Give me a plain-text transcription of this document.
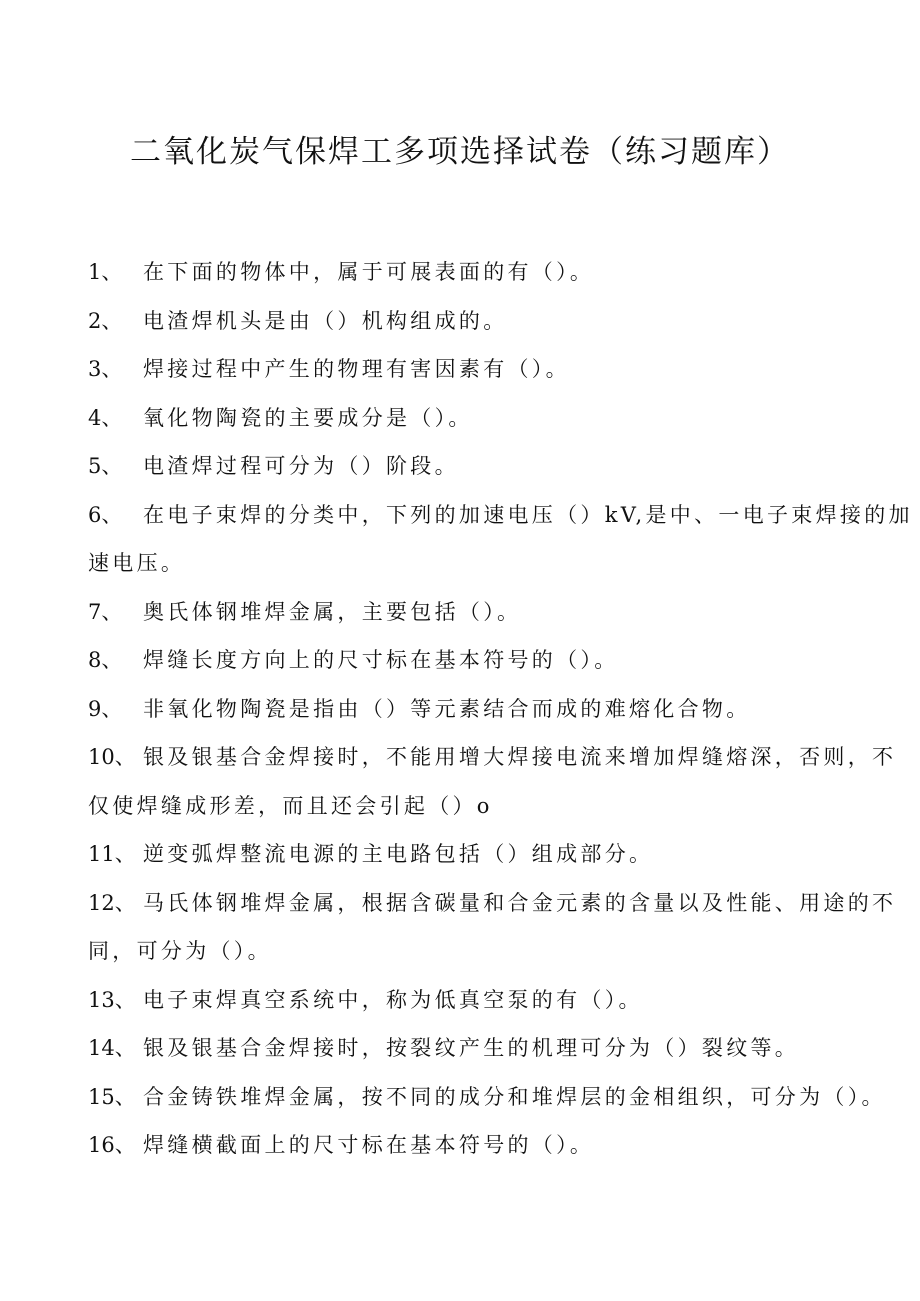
二氧化炭气保焊工多项选择试卷（练习题库）
1、 在下面的物体中，属于可展表面的有（）。
2、 电渣焊机头是由（）机构组成的。
3、 焊接过程中产生的物理有害因素有（）。
4、 氧化物陶瓷的主要成分是（）。
5、 电渣焊过程可分为（）阶段。
6、 在电子束焊的分类中，下列的加速电压（）kV,是中、一电子束焊接的加
速电压。
7、 奥氏体钢堆焊金属，主要包括（）。
8、 焊缝长度方向上的尺寸标在基本符号的（）。
9、 非氧化物陶瓷是指由（）等元素结合而成的难熔化合物。
10、 银及银基合金焊接时，不能用增大焊接电流来增加焊缝熔深，否则，不
仅使焊缝成形差，而且还会引起（）o
11、 逆变弧焊整流电源的主电路包括（）组成部分。
12、 马氏体钢堆焊金属，根据含碳量和合金元素的含量以及性能、用途的不
同，可分为（）。
13、 电子束焊真空系统中，称为低真空泵的有（）。
14、 银及银基合金焊接时，按裂纹产生的机理可分为（）裂纹等。
15、 合金铸铁堆焊金属，按不同的成分和堆焊层的金相组织，可分为（）。
16、 焊缝横截面上的尺寸标在基本符号的（）。
